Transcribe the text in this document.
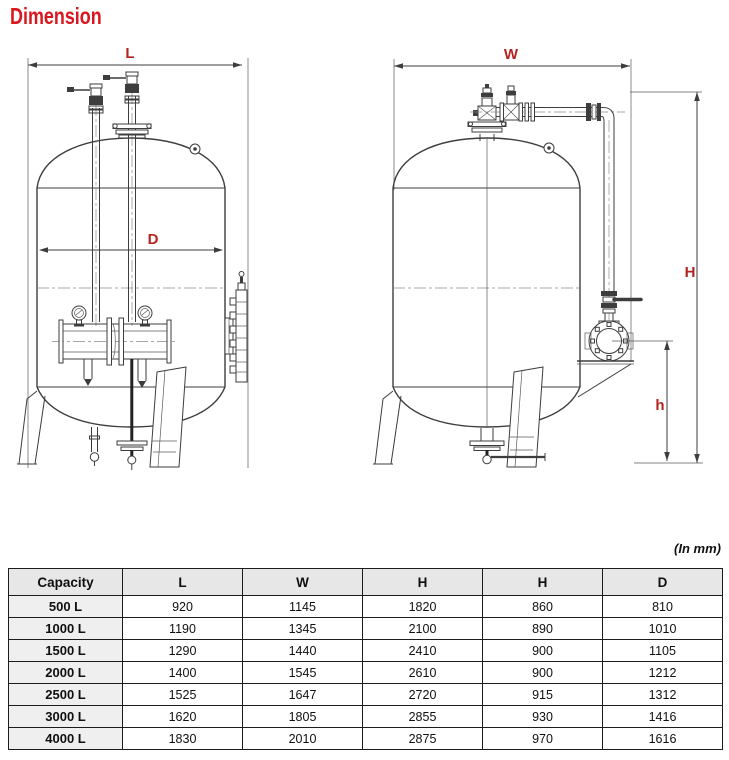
L
D
W
H
h
Dimension
(In mm)
Capacity	L	W	H	H	D
500 L	920	1145	1820	860	810
1000 L	1190	1345	2100	890	1010
1500 L	1290	1440	2410	900	1105
2000 L	1400	1545	2610	900	1212
2500 L	1525	1647	2720	915	1312
3000 L	1620	1805	2855	930	1416
4000 L	1830	2010	2875	970	1616
